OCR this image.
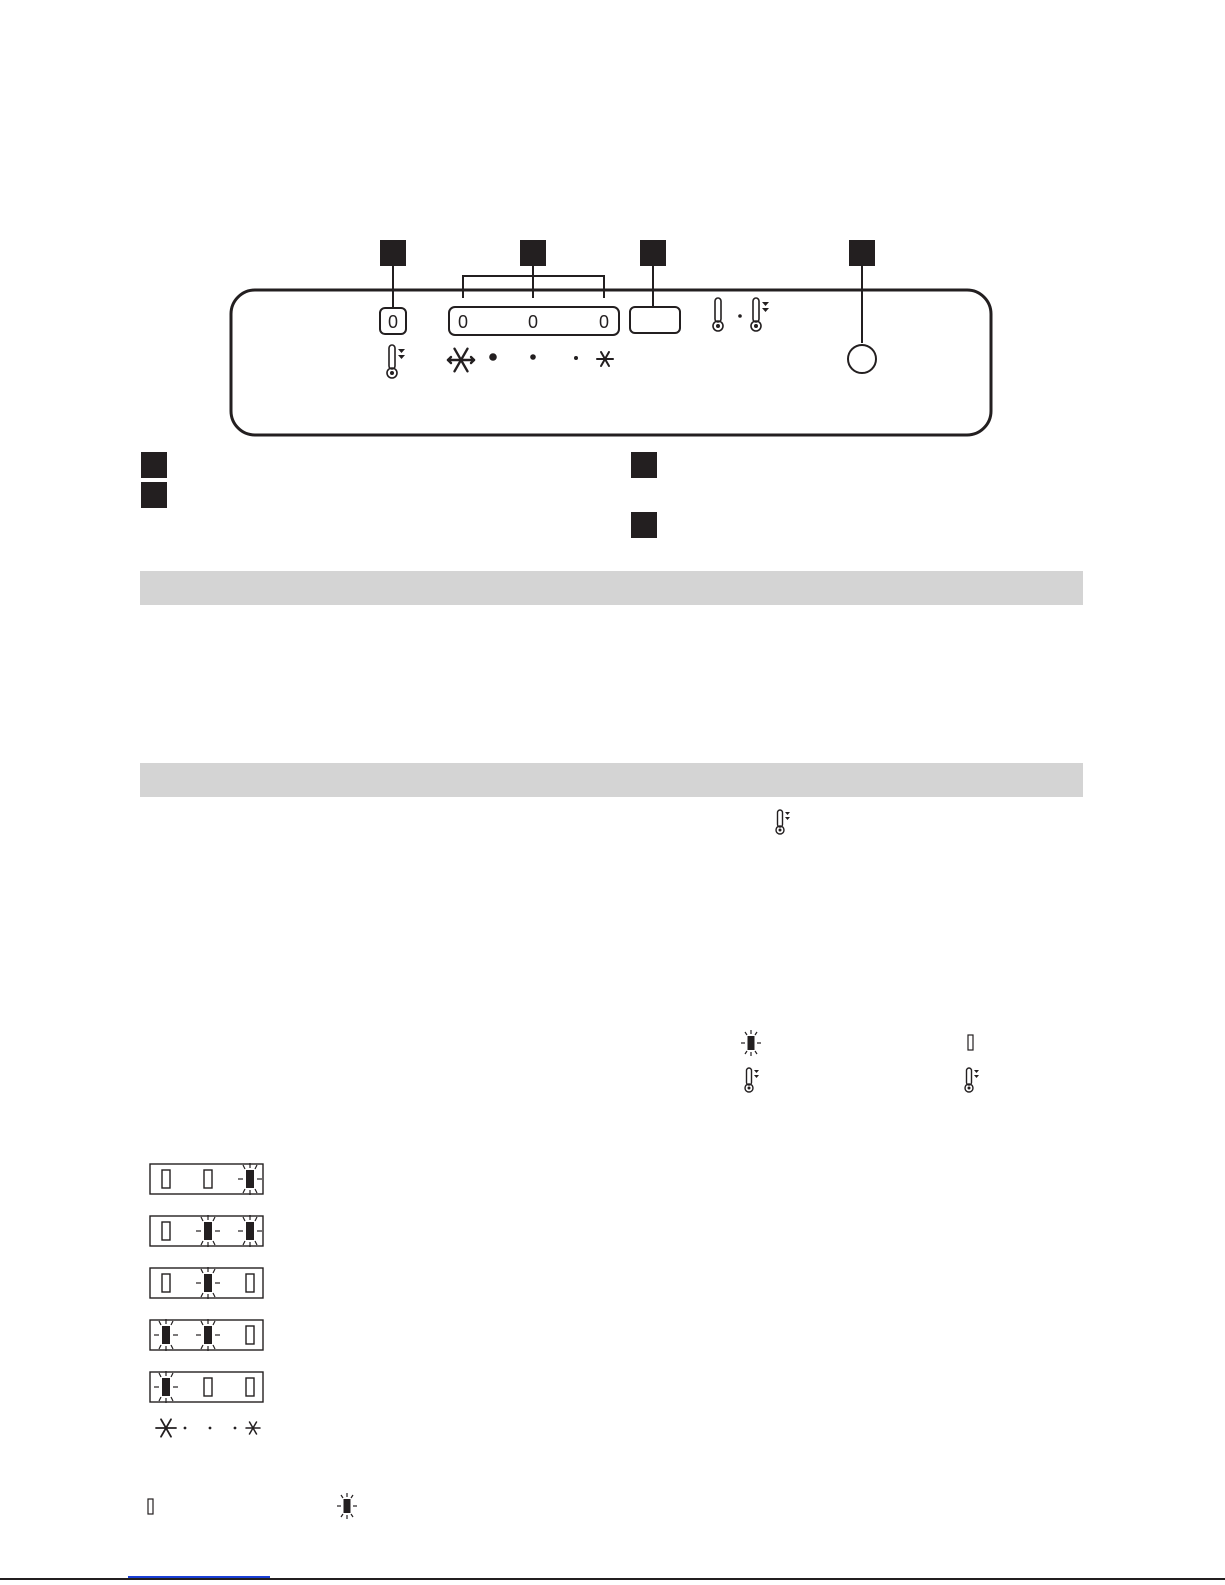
0	0	0	0
